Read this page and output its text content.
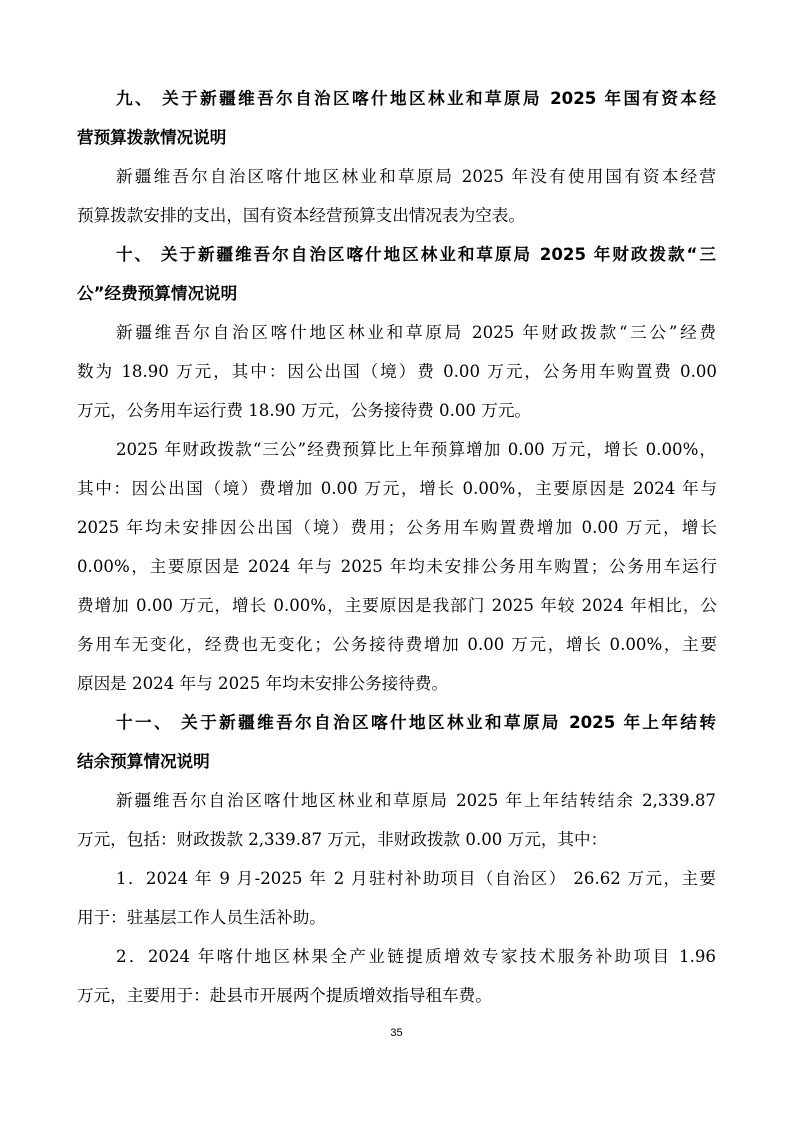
九、 关于新疆维吾尔自治区喀什地区林业和草原局 2025 年国有资本经
营预算拨款情况说明
新疆维吾尔自治区喀什地区林业和草原局 2025 年没有使用国有资本经营
预算拨款安排的支出，国有资本经营预算支出情况表为空表。
十、 关于新疆维吾尔自治区喀什地区林业和草原局 2025 年财政拨款“三
公”经费预算情况说明
新疆维吾尔自治区喀什地区林业和草原局 2025 年财政拨款“三公”经费
数为 18.90 万元，其中：因公出国（境）费 0.00 万元，公务用车购置费 0.00
万元，公务用车运行费 18.90 万元，公务接待费 0.00 万元。
2025 年财政拨款“三公”经费预算比上年预算增加 0.00 万元，增长 0.00%，
其中：因公出国（境）费增加 0.00 万元，增长 0.00%，主要原因是 2024 年与
2025 年均未安排因公出国（境）费用；公务用车购置费增加 0.00 万元，增长
0.00%，主要原因是 2024 年与 2025 年均未安排公务用车购置；公务用车运行
费增加 0.00 万元，增长 0.00%，主要原因是我部门 2025 年较 2024 年相比，公
务用车无变化，经费也无变化；公务接待费增加 0.00 万元，增长 0.00%，主要
原因是 2024 年与 2025 年均未安排公务接待费。
十一、 关于新疆维吾尔自治区喀什地区林业和草原局 2025 年上年结转
结余预算情况说明
新疆维吾尔自治区喀什地区林业和草原局 2025 年上年结转结余 2,339.87
万元，包括：财政拨款 2,339.87 万元，非财政拨款 0.00 万元，其中：
1．2024 年 9 月-2025 年 2 月驻村补助项目（自治区） 26.62 万元，主要
用于：驻基层工作人员生活补助。
2．2024 年喀什地区林果全产业链提质增效专家技术服务补助项目 1.96
万元，主要用于：赴县市开展两个提质增效指导租车费。
35
